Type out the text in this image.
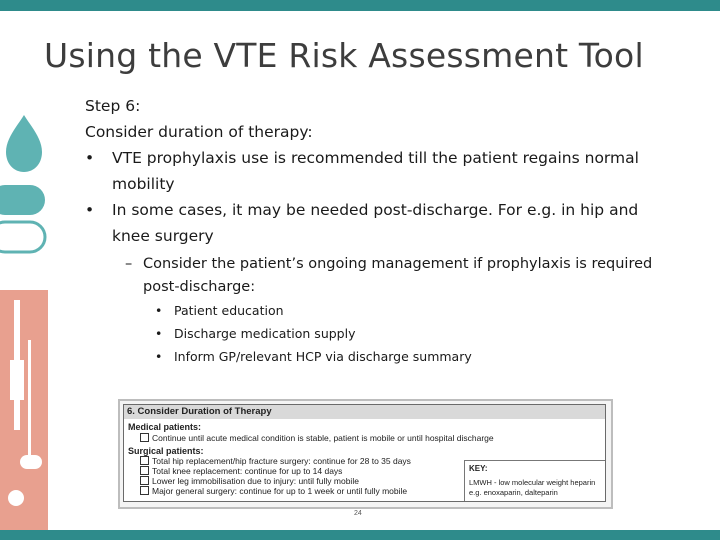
Using the VTE Risk Assessment Tool
Step 6:
Consider duration of therapy:
•	VTE prophylaxis use is recommended till the patient regains normal mobility
•	In some cases, it may be needed post-discharge. For e.g. in hip and knee surgery
– Consider the patient’s ongoing management if prophylaxis is required post-discharge:
• Patient education
• Discharge medication supply
• Inform GP/relevant HCP via discharge summary
6. Consider Duration of Therapy
Medical patients:
Continue until acute medical condition is stable, patient is mobile or until hospital discharge
Surgical patients:
Total hip replacement/hip fracture surgery: continue for 28 to 35 days
Total knee replacement: continue for up to 14 days
Lower leg immobilisation due to injury: until fully mobile
Major general surgery: continue for up to 1 week or until fully mobile
KEY:
LMWH - low molecular weight heparin
e.g. enoxaparin, dalteparin
24
